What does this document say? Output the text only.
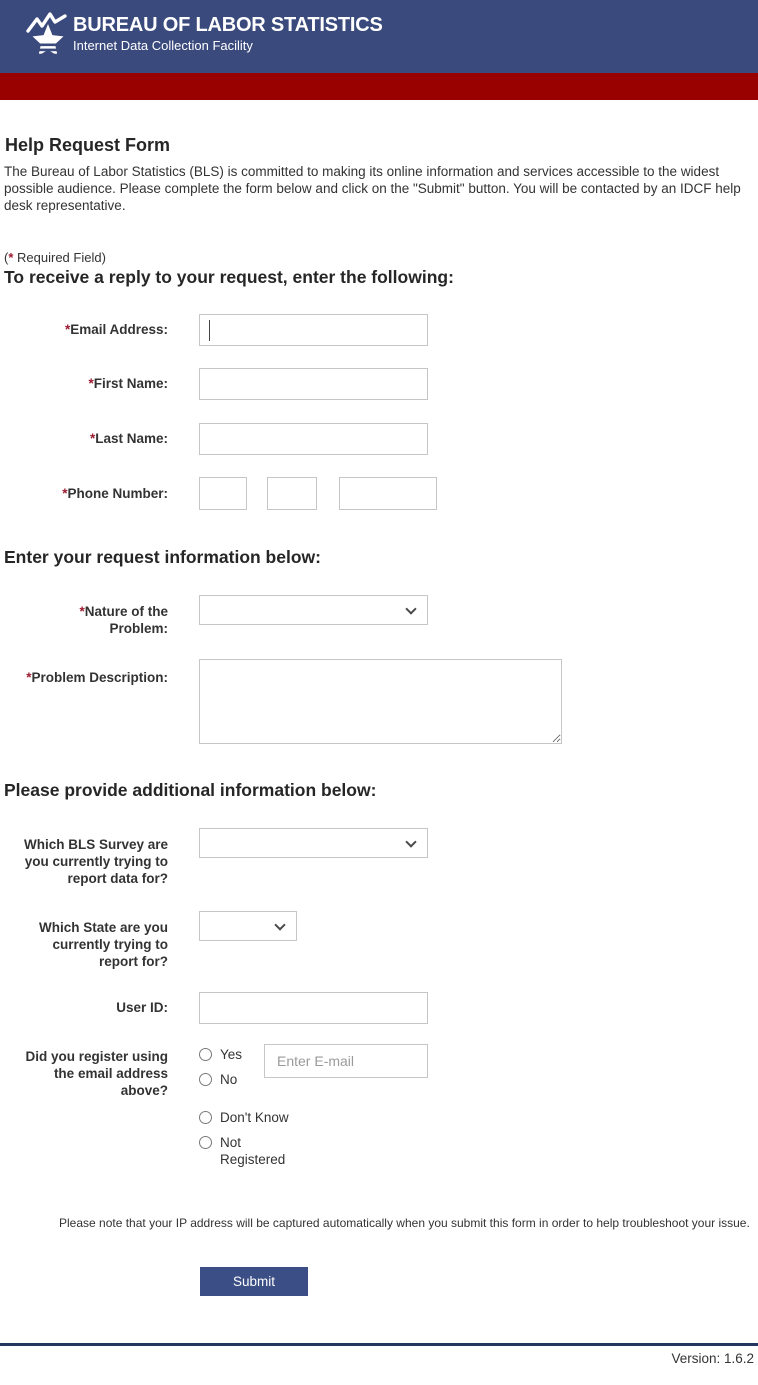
BUREAU OF LABOR STATISTICS
Internet Data Collection Facility
Help Request Form

The Bureau of Labor Statistics (BLS) is committed to making its online information and services accessible to the widest possible audience. Please complete the form below and click on the "Submit" button. You will be contacted by an IDCF help desk representative.

(* Required Field)
To receive a reply to your request, enter the following:
*Email Address:
*First Name:
*Last Name:
*Phone Number:

Enter your request information below:
*Nature of the Problem:
*Problem Description:
Please provide additional information below:
Which BLS Survey are you currently trying to report data for?
Which State are you currently trying to report for?
User ID:
Did you register using the email address above?
Yes
No
Enter E-mail
Don't Know
Not Registered
Please note that your IP address will be captured automatically when you submit this form in order to help troubleshoot your issue.
Submit
Version: 1.6.2
